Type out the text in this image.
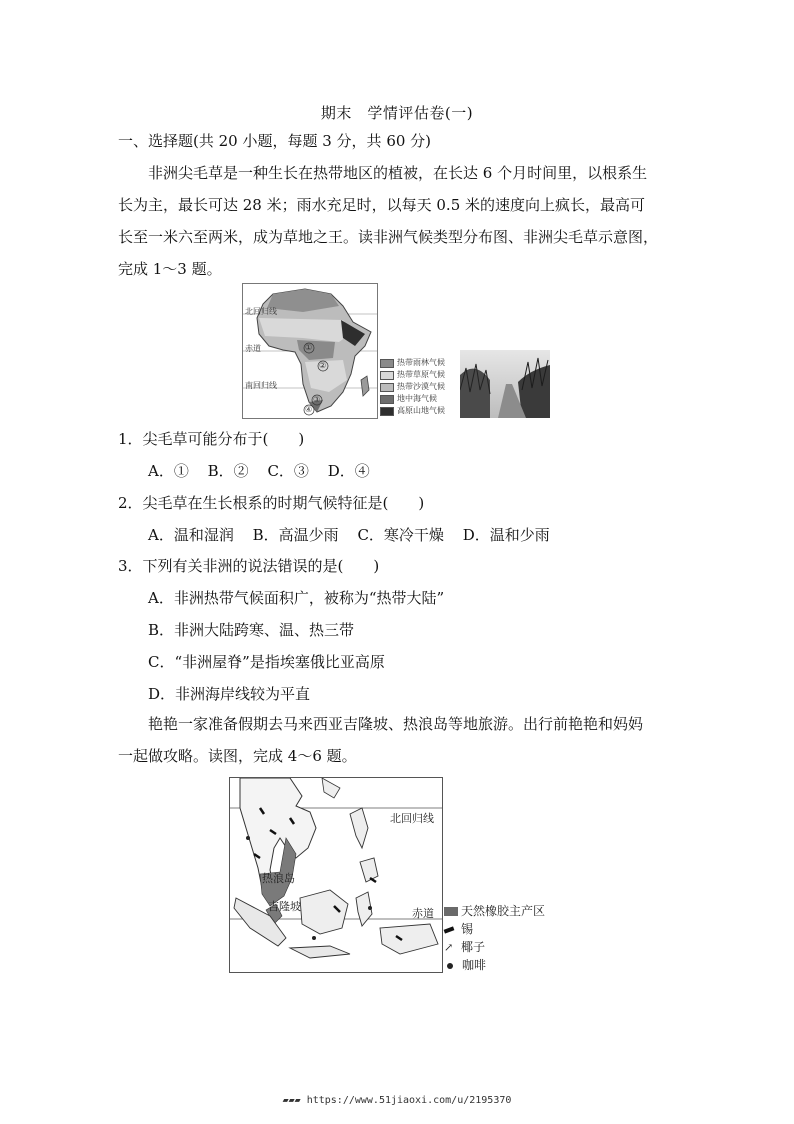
期末　学情评估卷(一)
一、选择题(共 20 小题，每题 3 分，共 60 分)
非洲尖毛草是一种生长在热带地区的植被，在长达 6 个月时间里，以根系生
长为主，最长可达 28 米；雨水充足时，以每天 0.5 米的速度向上疯长，最高可
长至一米六至两米，成为草地之王。读非洲气候类型分布图、非洲尖毛草示意图，
完成 1～3 题。
北回归线
赤道
南回归线
①
②
③
④
热带雨林气候
热带草原气候
热带沙漠气候
地中海气候
高原山地气候
1．尖毛草可能分布于(　　)
A．① B．② C．③ D．④
2．尖毛草在生长根系的时期气候特征是(　　)
A．温和湿润 B．高温少雨 C．寒冷干燥 D．温和少雨
3．下列有关非洲的说法错误的是(　　)
A．非洲热带气候面积广，被称为“热带大陆”
B．非洲大陆跨寒、温、热三带
C．“非洲屋脊”是指埃塞俄比亚高原
D．非洲海岸线较为平直
艳艳一家准备假期去马来西亚吉隆坡、热浪岛等地旅游。出行前艳艳和妈妈
一起做攻略。读图，完成 4～6 题。
北回归线
赤道
热浪岛
吉隆坡	天然橡胶主产区
锡
↗ 椰子
咖啡
▰▰▰ https://www.51jiaoxi.com/u/2195370
